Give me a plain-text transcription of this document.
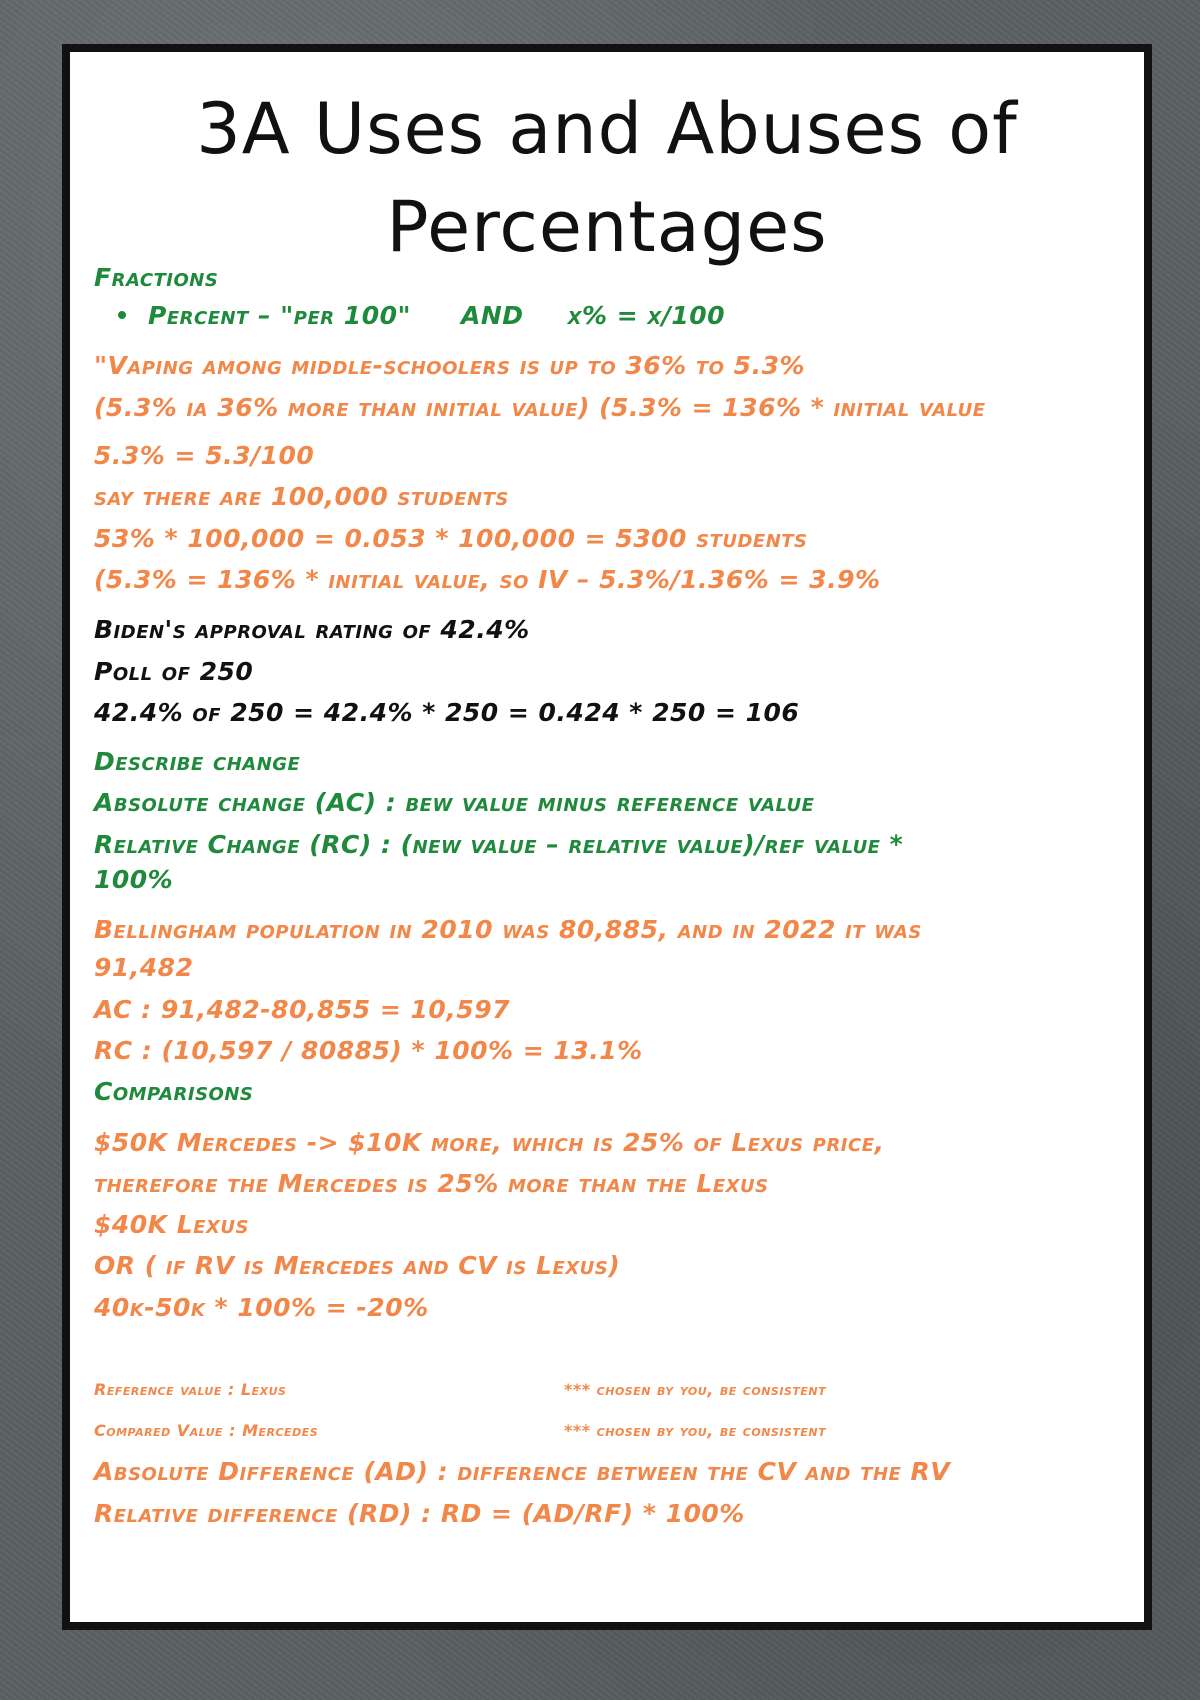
3A Uses and Abuses of
Percentages
Fractions
Percent – "per 100" AND x% = x/100
"Vaping among middle-schoolers is up to 36% to 5.3%
(5.3% ia 36% more than initial value) (5.3% = 136% * initial value
5.3% = 5.3/100
say there are 100,000 students
53% * 100,000 = 0.053 * 100,000 = 5300 students
(5.3% = 136% * initial value, so IV – 5.3%/1.36% = 3.9%
Biden's approval rating of 42.4%
Poll of 250
42.4% of 250 = 42.4% * 250 = 0.424 * 250 = 106
Describe change
Absolute change (AC) : bew value minus reference value
Relative Change (RC) : (new value – relative value)/ref value *
100%
Bellingham population in 2010 was 80,885, and in 2022 it was
91,482
AC : 91,482-80,855 = 10,597
RC : (10,597 / 80885) * 100% = 13.1%
Comparisons
$50K Mercedes -> $10K more, which is 25% of Lexus price,
therefore the Mercedes is 25% more than the Lexus
$40K Lexus
OR ( if RV is Mercedes and CV is Lexus)
40k-50k * 100% = -20%
Reference value : Lexus	*** chosen by you, be consistent
Compared Value : Mercedes	*** chosen by you, be consistent
Absolute Difference (AD) : difference between the CV and the RV
Relative difference (RD) : RD = (AD/RF) * 100%
